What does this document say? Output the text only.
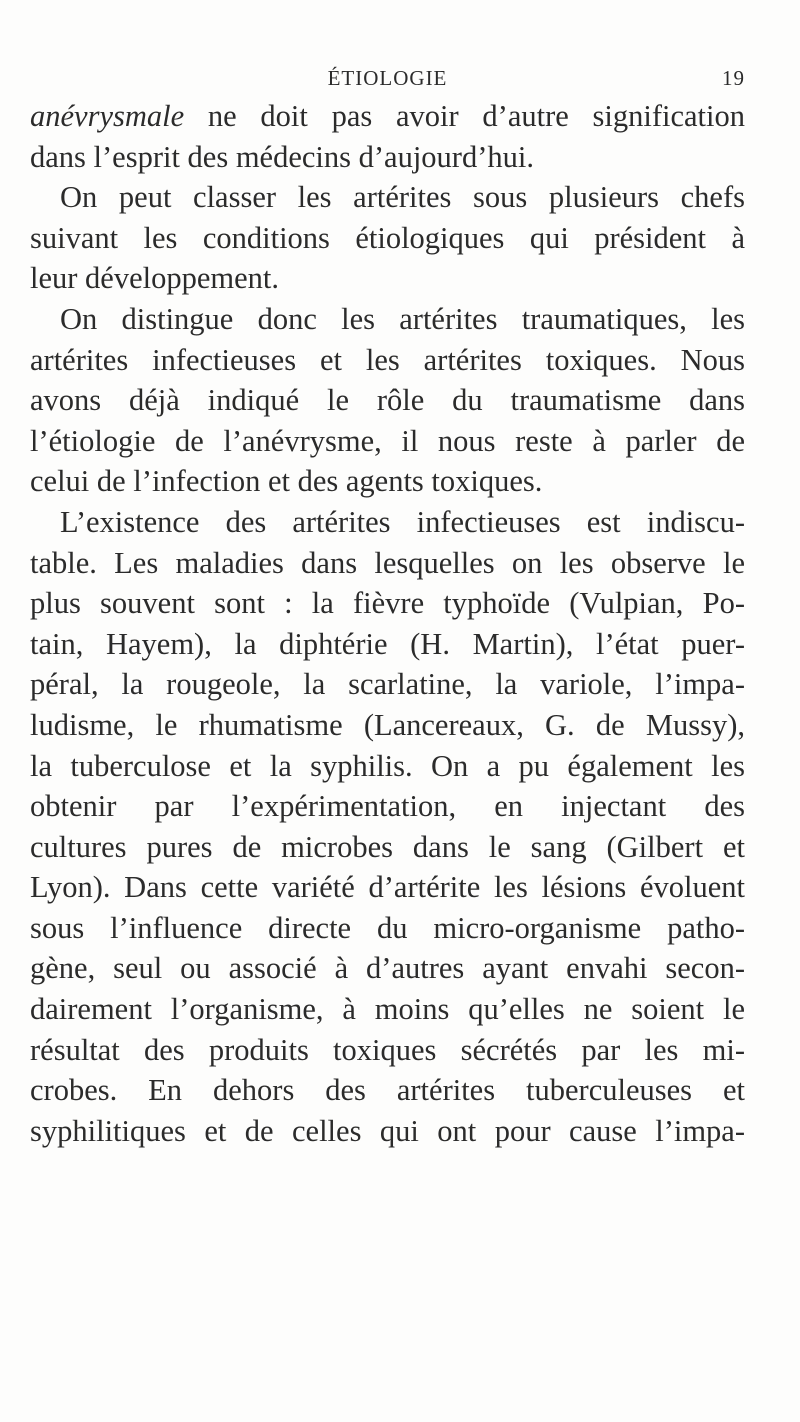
ÉTIOLOGIE	19
anévrysmale ne doit pas avoir d’autre signification
dans l’esprit des médecins d’aujourd’hui.
On peut classer les artérites sous plusieurs chefs
suivant les conditions étiologiques qui président à
leur développement.
On distingue donc les artérites traumatiques, les
artérites infectieuses et les artérites toxiques. Nous
avons déjà indiqué le rôle du traumatisme dans
l’étiologie de l’anévrysme, il nous reste à parler de
celui de l’infection et des agents toxiques.
L’existence des artérites infectieuses est indiscu-
table. Les maladies dans lesquelles on les observe le
plus souvent sont : la fièvre typhoïde (Vulpian, Po-
tain, Hayem), la diphtérie (H. Martin), l’état puer-
péral, la rougeole, la scarlatine, la variole, l’impa-
ludisme, le rhumatisme (Lancereaux, G. de Mussy),
la tuberculose et la syphilis. On a pu également les
obtenir par l’expérimentation, en injectant des
cultures pures de microbes dans le sang (Gilbert et
Lyon). Dans cette variété d’artérite les lésions évoluent
sous l’influence directe du micro-organisme patho-
gène, seul ou associé à d’autres ayant envahi secon-
dairement l’organisme, à moins qu’elles ne soient le
résultat des produits toxiques sécrétés par les mi-
crobes. En dehors des artérites tuberculeuses et
syphilitiques et de celles qui ont pour cause l’impa-
